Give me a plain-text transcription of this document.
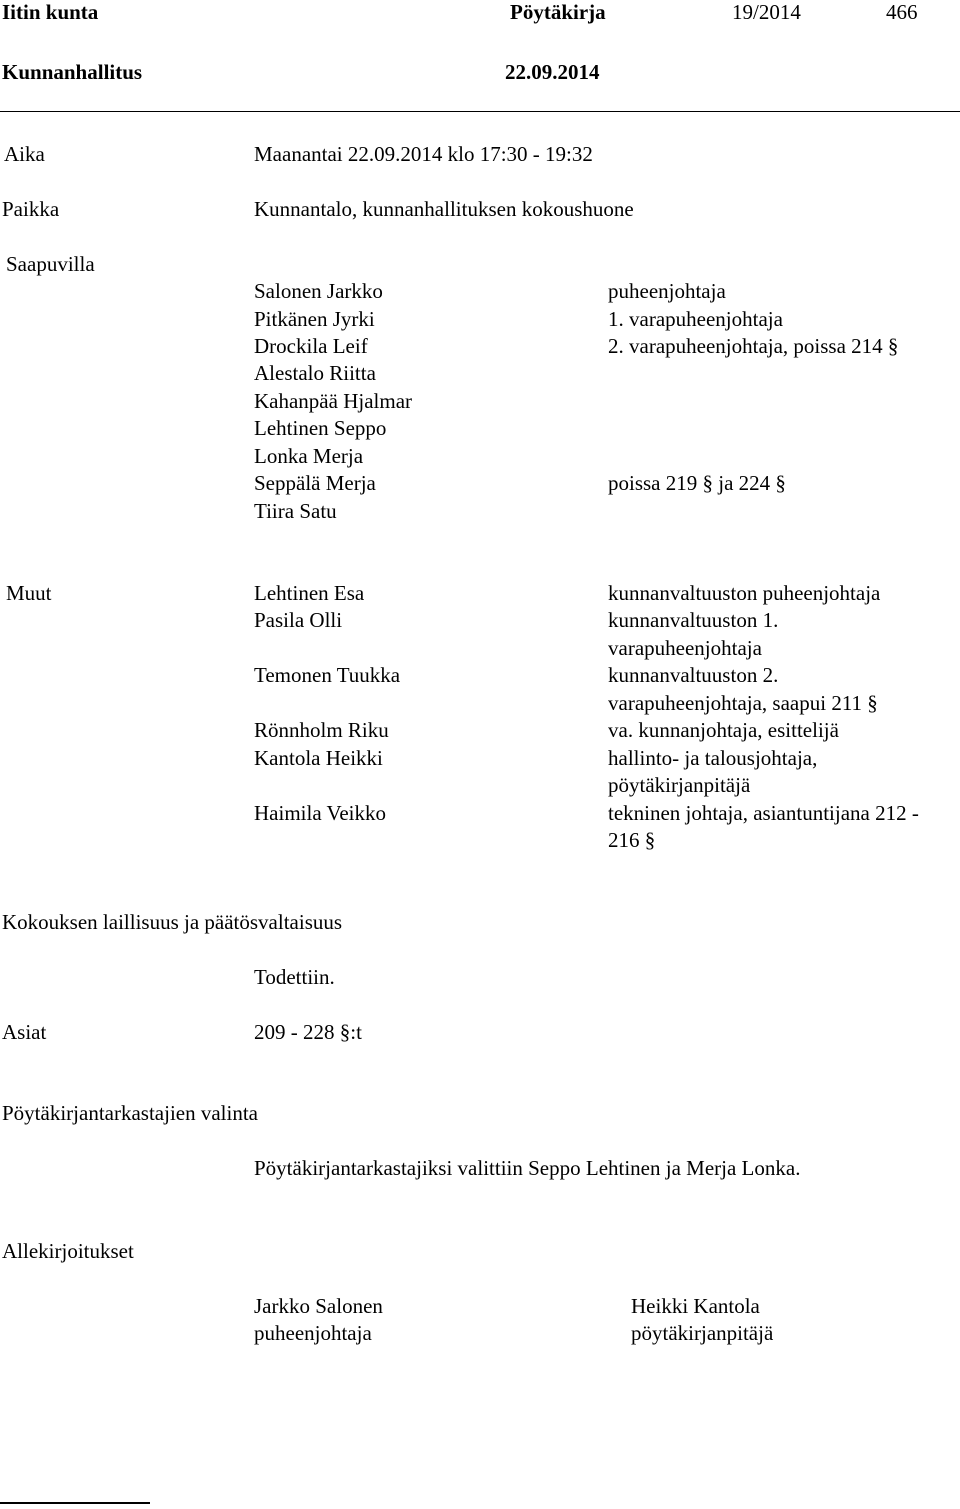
Iitin kunta	Pöytäkirja	19/2014	466
Kunnanhallitus	22.09.2014
Aika	Maanantai 22.09.2014 klo 17:30 - 19:32
Paikka	Kunnantalo, kunnanhallituksen kokoushuone
Saapuvilla
Salonen Jarkko	puheenjohtaja
Pitkänen Jyrki	1. varapuheenjohtaja
Drockila Leif	2. varapuheenjohtaja, poissa 214 §
Alestalo Riitta
Kahanpää Hjalmar
Lehtinen Seppo
Lonka Merja
Seppälä Merja	poissa 219 § ja 224 §
Tiira Satu
Muut	Lehtinen Esa	kunnanvaltuuston puheenjohtaja
Pasila Olli	kunnanvaltuuston 1.
varapuheenjohtaja
Temonen Tuukka	kunnanvaltuuston 2.
varapuheenjohtaja, saapui 211 §
Rönnholm Riku	va. kunnanjohtaja, esittelijä
Kantola Heikki	hallinto- ja talousjohtaja,
pöytäkirjanpitäjä
Haimila Veikko	tekninen johtaja, asiantuntijana 212 -
216 §
Kokouksen laillisuus ja päätösvaltaisuus
Todettiin.
Asiat	209 - 228 §:t
Pöytäkirjantarkastajien valinta
Pöytäkirjantarkastajiksi valittiin Seppo Lehtinen ja Merja Lonka.
Allekirjoitukset
Jarkko Salonen
puheenjohtaja
Heikki Kantola
pöytäkirjanpitäjä
